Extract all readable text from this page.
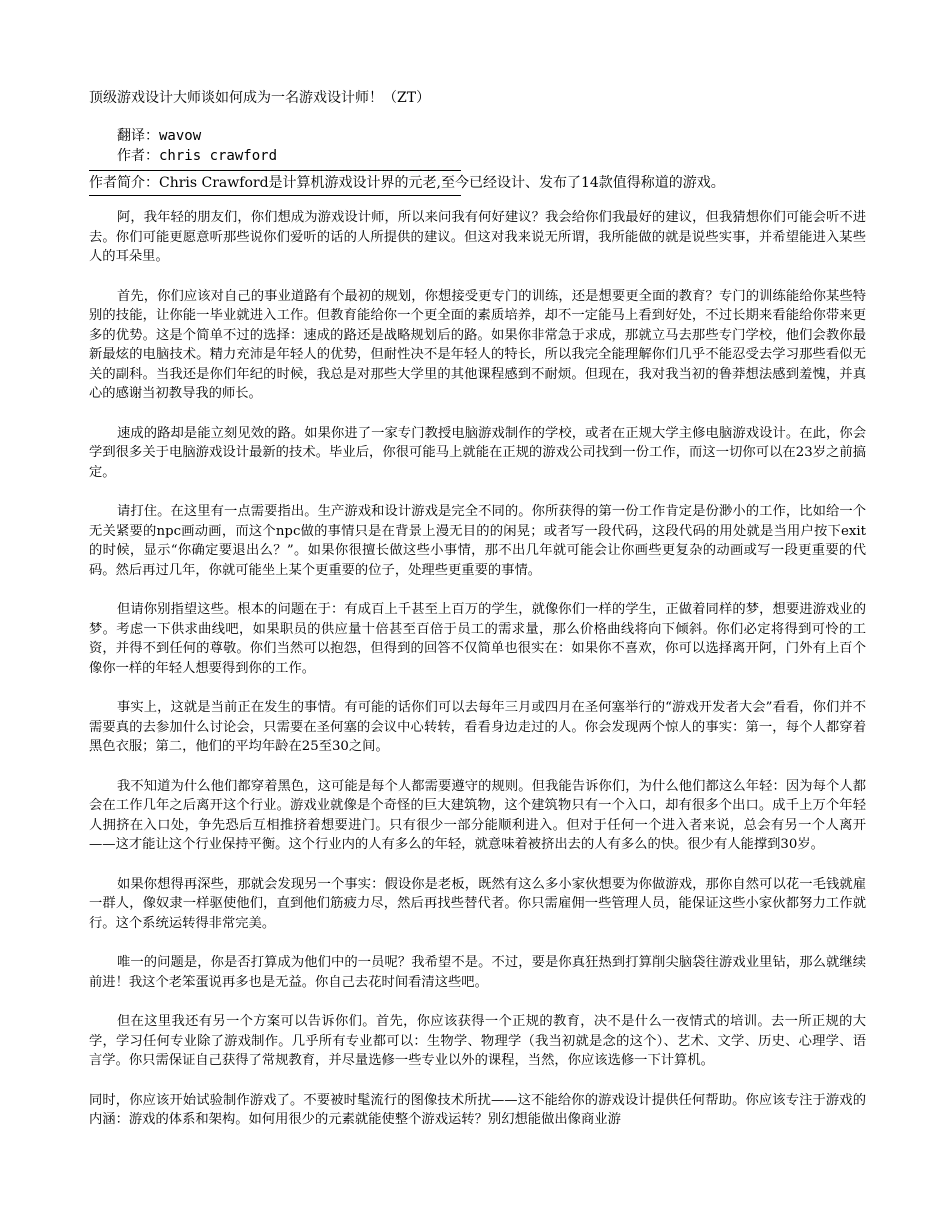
顶级游戏设计大师谈如何成为一名游戏设计师！（ZT）

翻译：wavow

作者：chris crawford

作者简介：Chris Crawford是计算机游戏设计界的元老,至今已经设计、发布了14款值得称道的游戏。

阿，我年轻的朋友们，你们想成为游戏设计师，所以来问我有何好建议？我会给你们我最好的建议，但我猜想你们可能会听不进去。你们可能更愿意听那些说你们爱听的话的人所提供的建议。但这对我来说无所谓，我所能做的就是说些实事，并希望能进入某些人的耳朵里。

首先，你们应该对自己的事业道路有个最初的规划，你想接受更专门的训练，还是想要更全面的教育？专门的训练能给你某些特别的技能，让你能一毕业就进入工作。但教育能给你一个更全面的素质培养，却不一定能马上看到好处，不过长期来看能给你带来更多的优势。这是个简单不过的选择：速成的路还是战略规划后的路。如果你非常急于求成，那就立马去那些专门学校，他们会教你最新最炫的电脑技术。精力充沛是年轻人的优势，但耐性决不是年轻人的特长，所以我完全能理解你们几乎不能忍受去学习那些看似无关的副科。当我还是你们年纪的时候，我总是对那些大学里的其他课程感到不耐烦。但现在，我对我当初的鲁莽想法感到羞愧，并真心的感谢当初教导我的师长。

速成的路却是能立刻见效的路。如果你进了一家专门教授电脑游戏制作的学校，或者在正规大学主修电脑游戏设计。在此，你会学到很多关于电脑游戏设计最新的技术。毕业后，你很可能马上就能在正规的游戏公司找到一份工作，而这一切你可以在23岁之前搞定。

请打住。在这里有一点需要指出。生产游戏和设计游戏是完全不同的。你所获得的第一份工作肯定是份渺小的工作，比如给一个无关紧要的npc画动画，而这个npc做的事情只是在背景上漫无目的的闲晃；或者写一段代码，这段代码的用处就是当用户按下exit的时候，显示“你确定要退出么？”。如果你很擅长做这些小事情，那不出几年就可能会让你画些更复杂的动画或写一段更重要的代码。然后再过几年，你就可能坐上某个更重要的位子，处理些更重要的事情。

但请你别指望这些。根本的问题在于：有成百上千甚至上百万的学生，就像你们一样的学生，正做着同样的梦，想要进游戏业的梦。考虑一下供求曲线吧，如果职员的供应量十倍甚至百倍于员工的需求量，那么价格曲线将向下倾斜。你们必定将得到可怜的工资，并得不到任何的尊敬。你们当然可以抱怨，但得到的回答不仅简单也很实在：如果你不喜欢，你可以选择离开阿，门外有上百个像你一样的年轻人想要得到你的工作。

事实上，这就是当前正在发生的事情。有可能的话你们可以去每年三月或四月在圣何塞举行的“游戏开发者大会”看看，你们并不需要真的去参加什么讨论会，只需要在圣何塞的会议中心转转，看看身边走过的人。你会发现两个惊人的事实：第一，每个人都穿着黑色衣服；第二，他们的平均年龄在25至30之间。

我不知道为什么他们都穿着黑色，这可能是每个人都需要遵守的规则。但我能告诉你们，为什么他们都这么年轻：因为每个人都会在工作几年之后离开这个行业。游戏业就像是个奇怪的巨大建筑物，这个建筑物只有一个入口，却有很多个出口。成千上万个年轻人拥挤在入口处，争先恐后互相推挤着想要进门。只有很少一部分能顺利进入。但对于任何一个进入者来说，总会有另一个人离开——这才能让这个行业保持平衡。这个行业内的人有多么的年轻，就意味着被挤出去的人有多么的快。很少有人能撑到30岁。

如果你想得再深些，那就会发现另一个事实：假设你是老板，既然有这么多小家伙想要为你做游戏，那你自然可以花一毛钱就雇一群人，像奴隶一样驱使他们，直到他们筋疲力尽，然后再找些替代者。你只需雇佣一些管理人员，能保证这些小家伙都努力工作就行。这个系统运转得非常完美。

唯一的问题是，你是否打算成为他们中的一员呢？我希望不是。不过，要是你真狂热到打算削尖脑袋往游戏业里钻，那么就继续前进！我这个老笨蛋说再多也是无益。你自己去花时间看清这些吧。

但在这里我还有另一个方案可以告诉你们。首先，你应该获得一个正规的教育，决不是什么一夜情式的培训。去一所正规的大学，学习任何专业除了游戏制作。几乎所有专业都可以：生物学、物理学（我当初就是念的这个）、艺术、文学、历史、心理学、语言学。你只需保证自己获得了常规教育，并尽量选修一些专业以外的课程，当然，你应该选修一下计算机。

同时，你应该开始试验制作游戏了。不要被时髦流行的图像技术所扰——这不能给你的游戏设计提供任何帮助。你应该专注于游戏的内涵：游戏的体系和架构。如何用很少的元素就能使整个游戏运转？别幻想能做出像商业游
